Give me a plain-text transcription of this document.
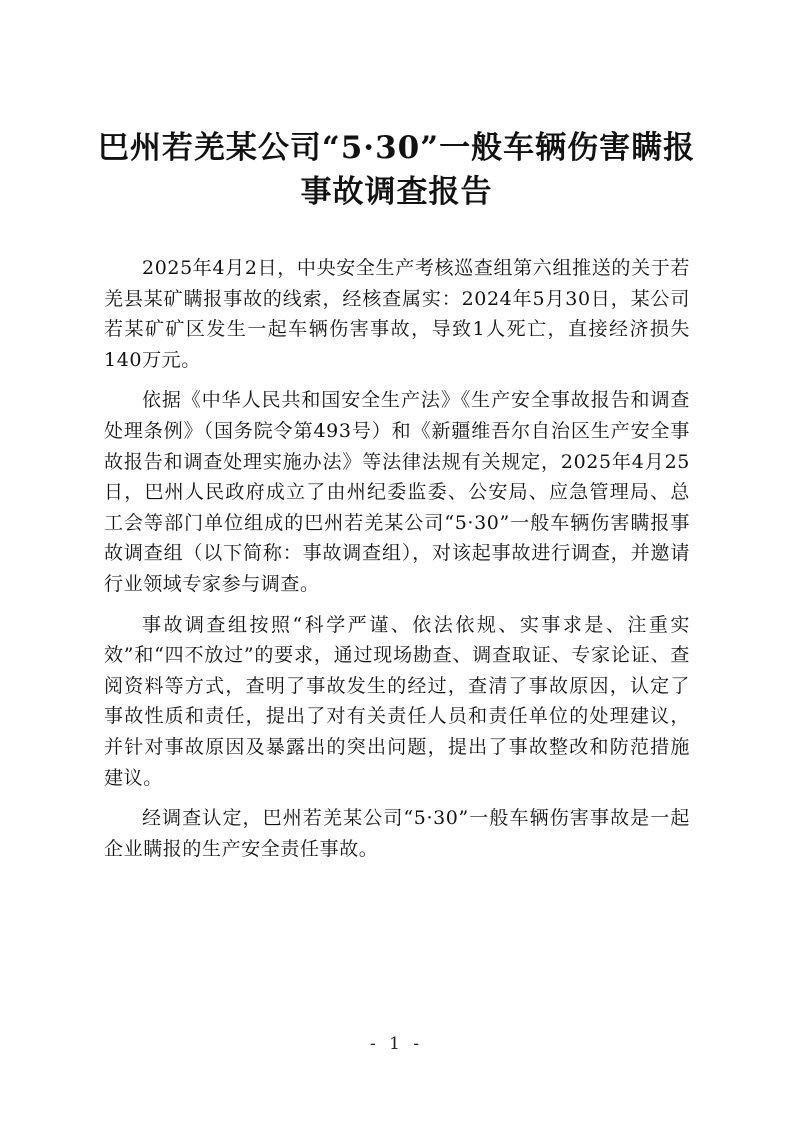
巴州若羌某公司“5·30”一般车辆伤害瞒报
事故调查报告

2025年4月2日，中央安全生产考核巡查组第六组推送的关于若羌县某矿瞒报事故的线索，经核查属实：2024年5月30日，某公司若某矿矿区发生一起车辆伤害事故，导致1人死亡，直接经济损失140万元。

依据《中华人民共和国安全生产法》《生产安全事故报告和调查处理条例》（国务院令第493号）和《新疆维吾尔自治区生产安全事故报告和调查处理实施办法》等法律法规有关规定，2025年4月25日，巴州人民政府成立了由州纪委监委、公安局、应急管理局、总工会等部门单位组成的巴州若羌某公司“5·30”一般车辆伤害瞒报事故调查组（以下简称：事故调查组），对该起事故进行调查，并邀请行业领域专家参与调查。

事故调查组按照“科学严谨、依法依规、实事求是、注重实效”和“四不放过”的要求，通过现场勘查、调查取证、专家论证、查阅资料等方式，查明了事故发生的经过，查清了事故原因，认定了事故性质和责任，提出了对有关责任人员和责任单位的处理建议，并针对事故原因及暴露出的突出问题，提出了事故整改和防范措施建议。

经调查认定，巴州若羌某公司“5·30”一般车辆伤害事故是一起企业瞒报的生产安全责任事故。

- 1 -
